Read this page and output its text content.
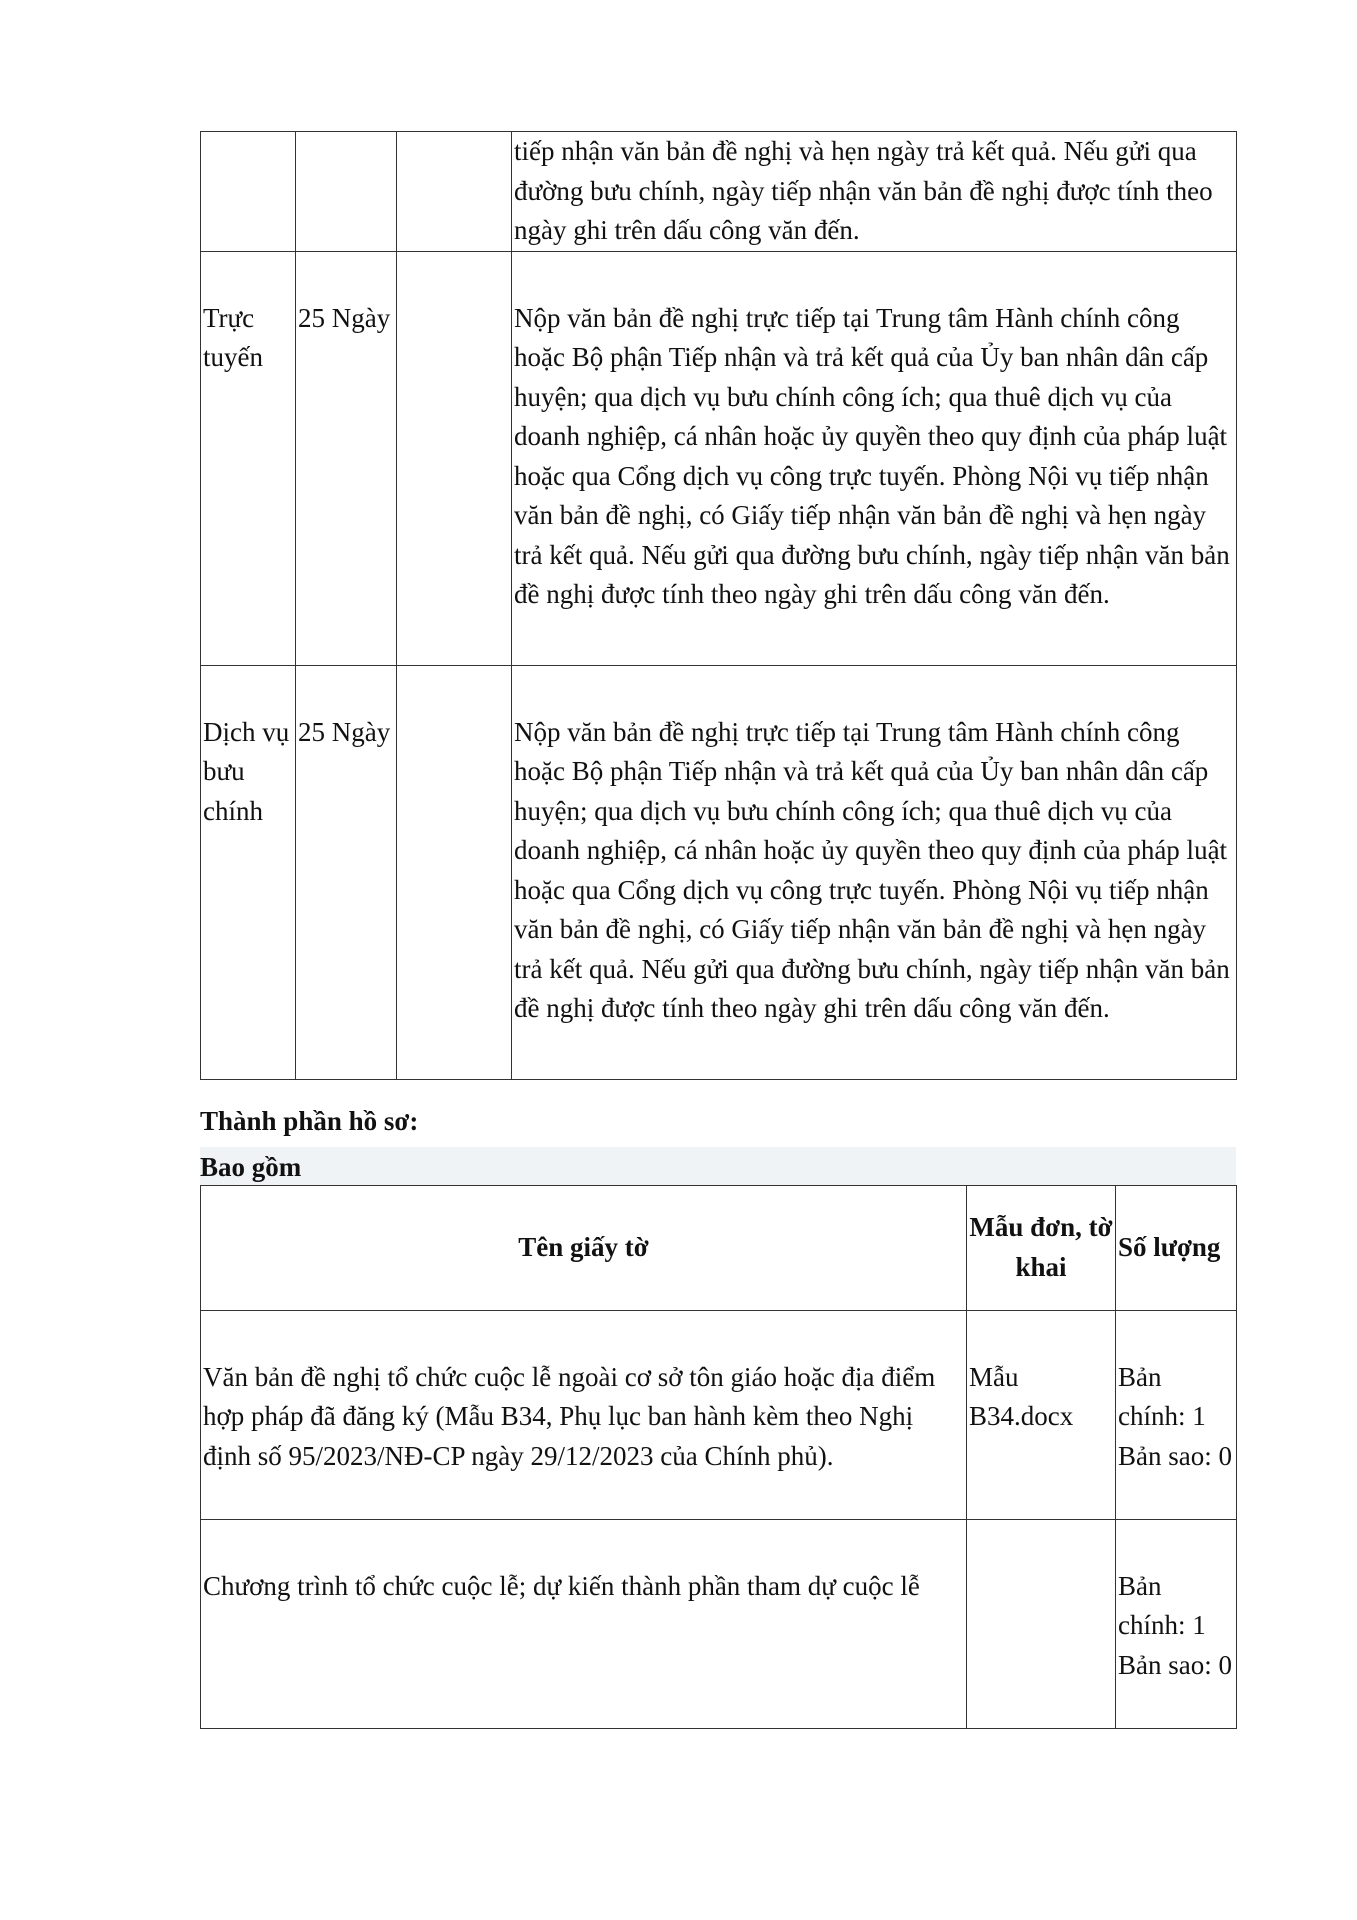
			tiếp nhận văn bản đề nghị và hẹn ngày trả kết quả. Nếu gửi qua đường bưu chính, ngày tiếp nhận văn bản đề nghị được tính theo ngày ghi trên dấu công văn đến.
Trực tuyến	25 Ngày		Nộp văn bản đề nghị trực tiếp tại Trung tâm Hành chính công hoặc Bộ phận Tiếp nhận và trả kết quả của Ủy ban nhân dân cấp huyện; qua dịch vụ bưu chính công ích; qua thuê dịch vụ của doanh nghiệp, cá nhân hoặc ủy quyền theo quy định của pháp luật hoặc qua Cổng dịch vụ công trực tuyến. Phòng Nội vụ tiếp nhận văn bản đề nghị, có Giấy tiếp nhận văn bản đề nghị và hẹn ngày trả kết quả. Nếu gửi qua đường bưu chính, ngày tiếp nhận văn bản đề nghị được tính theo ngày ghi trên dấu công văn đến.
Dịch vụ bưu chính	25 Ngày		Nộp văn bản đề nghị trực tiếp tại Trung tâm Hành chính công hoặc Bộ phận Tiếp nhận và trả kết quả của Ủy ban nhân dân cấp huyện; qua dịch vụ bưu chính công ích; qua thuê dịch vụ của doanh nghiệp, cá nhân hoặc ủy quyền theo quy định của pháp luật hoặc qua Cổng dịch vụ công trực tuyến. Phòng Nội vụ tiếp nhận văn bản đề nghị, có Giấy tiếp nhận văn bản đề nghị và hẹn ngày trả kết quả. Nếu gửi qua đường bưu chính, ngày tiếp nhận văn bản đề nghị được tính theo ngày ghi trên dấu công văn đến.
Thành phần hồ sơ:
Bao gồm
Tên giấy tờ	Mẫu đơn, tờ khai	Số lượng
Văn bản đề nghị tổ chức cuộc lễ ngoài cơ sở tôn giáo hoặc địa điểm hợp pháp đã đăng ký (Mẫu B34, Phụ lục ban hành kèm theo Nghị định số 95/2023/NĐ-CP ngày 29/12/2023 của Chính phủ).	Mẫu B34.docx	Bản chính: 1 Bản sao: 0
Chương trình tổ chức cuộc lễ; dự kiến thành phần tham dự cuộc lễ		Bản chính: 1 Bản sao: 0
